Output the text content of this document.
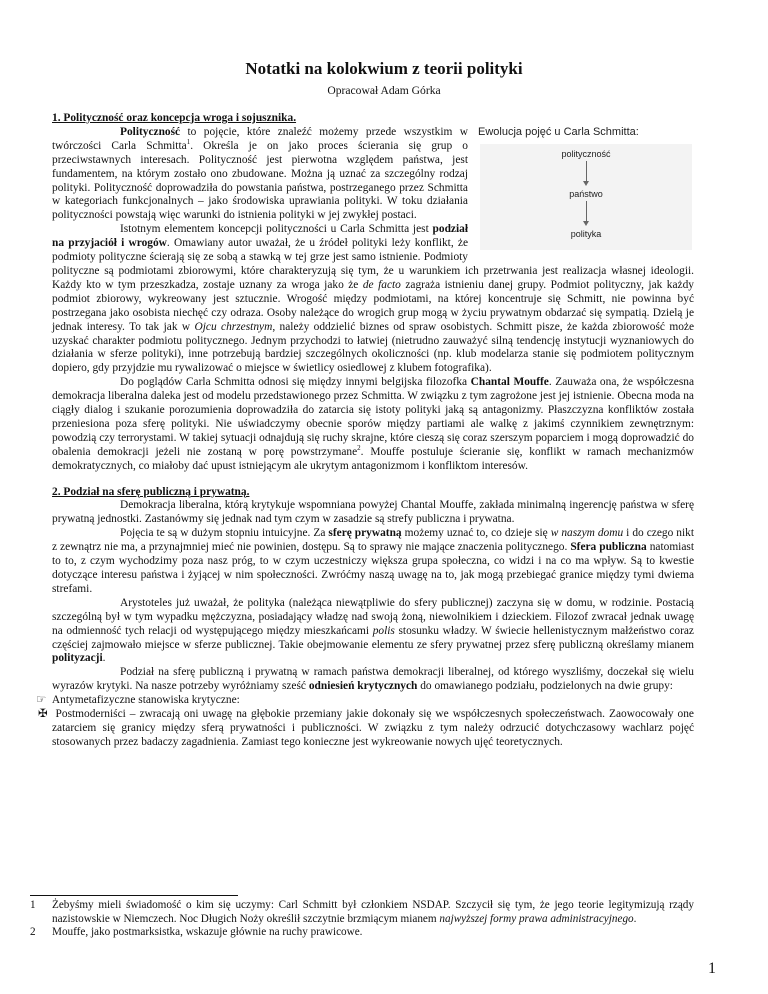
Notatki na kolokwium z teorii polityki
Opracował Adam Górka
1. Polityczność oraz koncepcja wroga i sojusznika.
Ewolucja pojęć u Carla Schmitta:
polityczność
państwo
polityka

Polityczność to pojęcie, które znaleźć możemy przede wszystkim w twórczości Carla Schmitta$^1$. Określa je on jako proces ścierania się grup o przeciwstawnych interesach. Polityczność jest pierwotna względem państwa, jest fundamentem, na którym zostało ono zbudowane. Można ją uznać za szczególny rodzaj polityki. Polityczność doprowadziła do powstania państwa, postrzeganego przez Schmitta w kategoriach funkcjonalnych – jako środowiska uprawiania polityki. W toku działania polityczności powstają więc warunki do istnienia polityki w jej zwykłej postaci.

Istotnym elementem koncepcji polityczności u Carla Schmitta jest podział na przyjaciół i wrogów. Omawiany autor uważał, że u źródeł polityki leży konflikt, że podmioty polityczne ścierają się ze sobą a stawką w tej grze jest samo istnienie. Podmioty polityczne są podmiotami zbiorowymi, które charakteryzują się tym, że u warunkiem ich przetrwania jest realizacja własnej ideologii. Każdy kto w tym przeszkadza, zostaje uznany za wroga jako że de facto zagraża istnieniu danej grupy. Podmiot polityczny, jak każdy podmiot zbiorowy, wykreowany jest sztucznie. Wrogość między podmiotami, na której koncentruje się Schmitt, nie powinna być postrzegana jako osobista niechęć czy odraza. Osoby należące do wrogich grup mogą w życiu prywatnym obdarzać się sympatią. Dzielą je jednak interesy. To tak jak w Ojcu chrzestnym, należy oddzielić biznes od spraw osobistych. Schmitt pisze, że każda zbiorowość może uzyskać charakter podmiotu politycznego. Jednym przychodzi to łatwiej (nietrudno zauważyć silną tendencję instytucji wyznaniowych do działania w sferze polityki), inne potrzebują bardziej szczególnych okoliczności (np. klub modelarza stanie się podmiotem politycznym dopiero, gdy przyjdzie mu rywalizować o miejsce w świetlicy osiedlowej z klubem fotografika).

Do poglądów Carla Schmitta odnosi się między innymi belgijska filozofka Chantal Mouffe. Zauważa ona, że współczesna demokracja liberalna daleka jest od modelu przedstawionego przez Schmitta. W związku z tym zagrożone jest jej istnienie. Obecna moda na ciągły dialog i szukanie porozumienia doprowadziła do zatarcia się istoty polityki jaką są antagonizmy. Płaszczyzna konfliktów została przeniesiona poza sferę polityki. Nie uświadczymy obecnie sporów między partiami ale walkę z jakimś czynnikiem zewnętrznym: powodzią czy terrorystami. W takiej sytuacji odnajdują się ruchy skrajne, które cieszą się coraz szerszym poparciem i mogą doprowadzić do obalenia demokracji jeżeli nie zostaną w porę powstrzymane$^2$. Mouffe postuluje ścieranie się, konflikt w ramach mechanizmów demokratycznych, co miałoby dać upust istniejącym ale ukrytym antagonizmom i konfliktom interesów.

2. Podział na sferę publiczną i prywatną.

Demokracja liberalna, którą krytykuje wspomniana powyżej Chantal Mouffe, zakłada minimalną ingerencję państwa w sferę prywatną jednostki. Zastanówmy się jednak nad tym czym w zasadzie są strefy publiczna i prywatna.

Pojęcia te są w dużym stopniu intuicyjne. Za sferę prywatną możemy uznać to, co dzieje się w naszym domu i do czego nikt z zewnątrz nie ma, a przynajmniej mieć nie powinien, dostępu. Są to sprawy nie mające znaczenia politycznego. Sfera publiczna natomiast to to, z czym wychodzimy poza nasz próg, to w czym uczestniczy większa grupa społeczna, co widzi i na co ma wpływ. Są to kwestie dotyczące interesu państwa i żyjącej w nim społeczności. Zwróćmy naszą uwagę na to, jak mogą przebiegać granice między tymi dwiema strefami.

Arystoteles już uważał, że polityka (należąca niewątpliwie do sfery publicznej) zaczyna się w domu, w rodzinie. Postacią szczególną był w tym wypadku mężczyzna, posiadający władzę nad swoją żoną, niewolnikiem i dzieckiem. Filozof zwracał jednak uwagę na odmienność tych relacji od występującego między mieszkańcami polis stosunku władzy. W świecie hellenistycznym małżeństwo coraz częściej zajmowało miejsce w sferze publicznej. Takie obejmowanie elementu ze sfery prywatnej przez sferę publiczną określamy mianem polityzacji.

Podział na sferę publiczną i prywatną w ramach państwa demokracji liberalnej, od którego wyszliśmy, doczekał się wielu wyrazów krytyki. Na nasze potrzeby wyróżniamy sześć odniesień krytycznych do omawianego podziału, podzielonych na dwie grupy:

☞ Antymetafizyczne stanowiska krytyczne:

✠ Postmoderniści – zwracają oni uwagę na głębokie przemiany jakie dokonały się we współczesnych społeczeństwach. Zaowocowały one zatarciem się granicy między sferą prywatności i publiczności. W związku z tym należy odrzucić dotychczasowy wachlarz pojęć stosowanych przez badaczy zagadnienia. Zamiast tego konieczne jest wykreowanie nowych ujęć teoretycznych.

1	Żebyśmy mieli świadomość o kim się uczymy: Carl Schmitt był członkiem NSDAP. Szczycił się tym, że jego teorie legitymizują rządy nazistowskie w Niemczech. Noc Długich Noży określił szczytnie brzmiącym mianem najwyższej formy prawa administracyjnego.
2	Mouffe, jako postmarksistka, wskazuje głównie na ruchy prawicowe.
1
